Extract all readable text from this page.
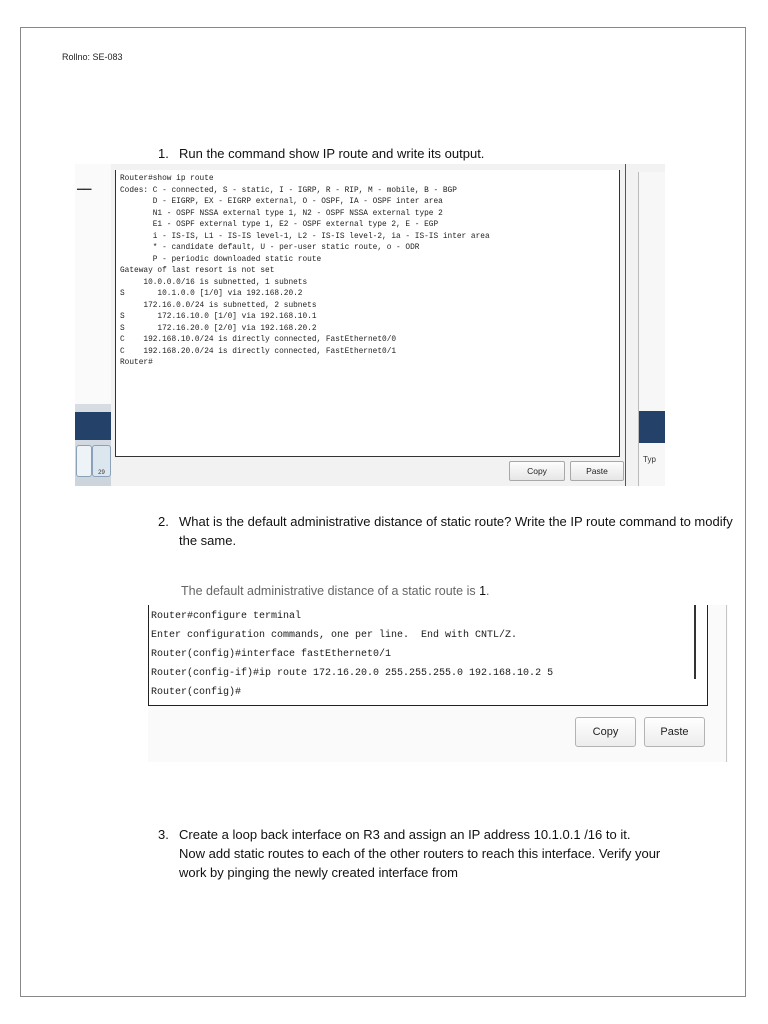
Rollno: SE-083
1. Run the command show IP route and write its output.
‒‒
29
Router#show ip route
Codes: C - connected, S - static, I - IGRP, R - RIP, M - mobile, B - BGP
D - EIGRP, EX - EIGRP external, O - OSPF, IA - OSPF inter area
N1 - OSPF NSSA external type 1, N2 - OSPF NSSA external type 2
E1 - OSPF external type 1, E2 - OSPF external type 2, E - EGP
i - IS-IS, L1 - IS-IS level-1, L2 - IS-IS level-2, ia - IS-IS inter area
* - candidate default, U - per-user static route, o - ODR
P - periodic downloaded static route
Gateway of last resort is not set
10.0.0.0/16 is subnetted, 1 subnets
S       10.1.0.0 [1/0] via 192.168.20.2
172.16.0.0/24 is subnetted, 2 subnets
S       172.16.10.0 [1/0] via 192.168.10.1
S       172.16.20.0 [2/0] via 192.168.20.2
C    192.168.10.0/24 is directly connected, FastEthernet0/0
C    192.168.20.0/24 is directly connected, FastEthernet0/1
Router#
Copy	Paste
Typ
2. What is the default administrative distance of static route? Write the IP route command to modify the same.
The default administrative distance of a static route is 1.
Router#configure terminal
Enter configuration commands, one per line.  End with CNTL/Z.
Router(config)#interface fastEthernet0/1
Router(config-if)#ip route 172.16.20.0 255.255.255.0 192.168.10.2 5
Router(config)#
Copy	Paste
3. Create a loop back interface on R3 and assign an IP address 10.1.0.1 /16 to it.
Now add static routes to each of the other routers to reach this interface. Verify your
work by pinging the newly created interface from
